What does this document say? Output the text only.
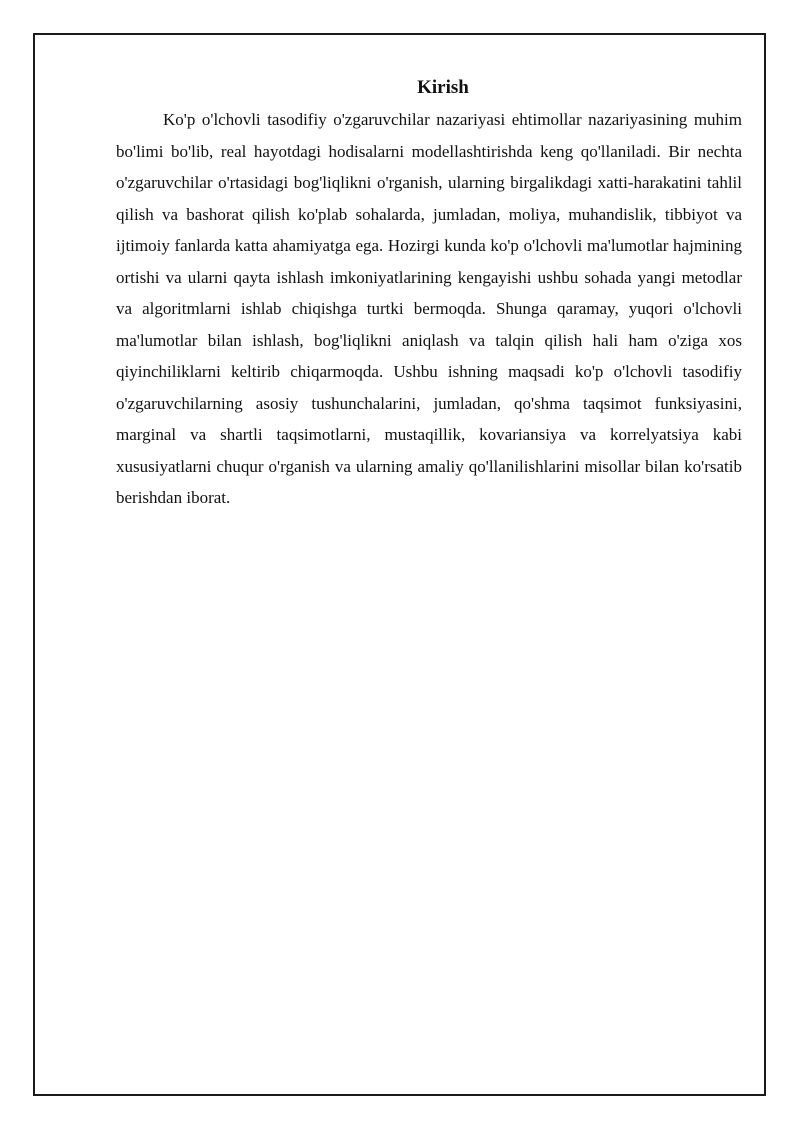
Kirish

Ko'p o'lchovli tasodifiy o'zgaruvchilar nazariyasi ehtimollar nazariyasining muhim bo'limi bo'lib, real hayotdagi hodisalarni modellashtirishda keng qo'llaniladi. Bir nechta o'zgaruvchilar o'rtasidagi bog'liqlikni o'rganish, ularning birgalikdagi xatti-harakatini tahlil qilish va bashorat qilish ko'plab sohalarda, jumladan, moliya, muhandislik, tibbiyot va ijtimoiy fanlarda katta ahamiyatga ega. Hozirgi kunda ko'p o'lchovli ma'lumotlar hajmining ortishi va ularni qayta ishlash imkoniyatlarining kengayishi ushbu sohada yangi metodlar va algoritmlarni ishlab chiqishga turtki bermoqda. Shunga qaramay, yuqori o'lchovli ma'lumotlar bilan ishlash, bog'liqlikni aniqlash va talqin qilish hali ham o'ziga xos qiyinchiliklarni keltirib chiqarmoqda. Ushbu ishning maqsadi ko'p o'lchovli tasodifiy o'zgaruvchilarning asosiy tushunchalarini, jumladan, qo'shma taqsimot funksiyasini, marginal va shartli taqsimotlarni, mustaqillik, kovariansiya va korrelyatsiya kabi xususiyatlarni chuqur o'rganish va ularning amaliy qo'llanilishlarini misollar bilan ko'rsatib berishdan iborat.
